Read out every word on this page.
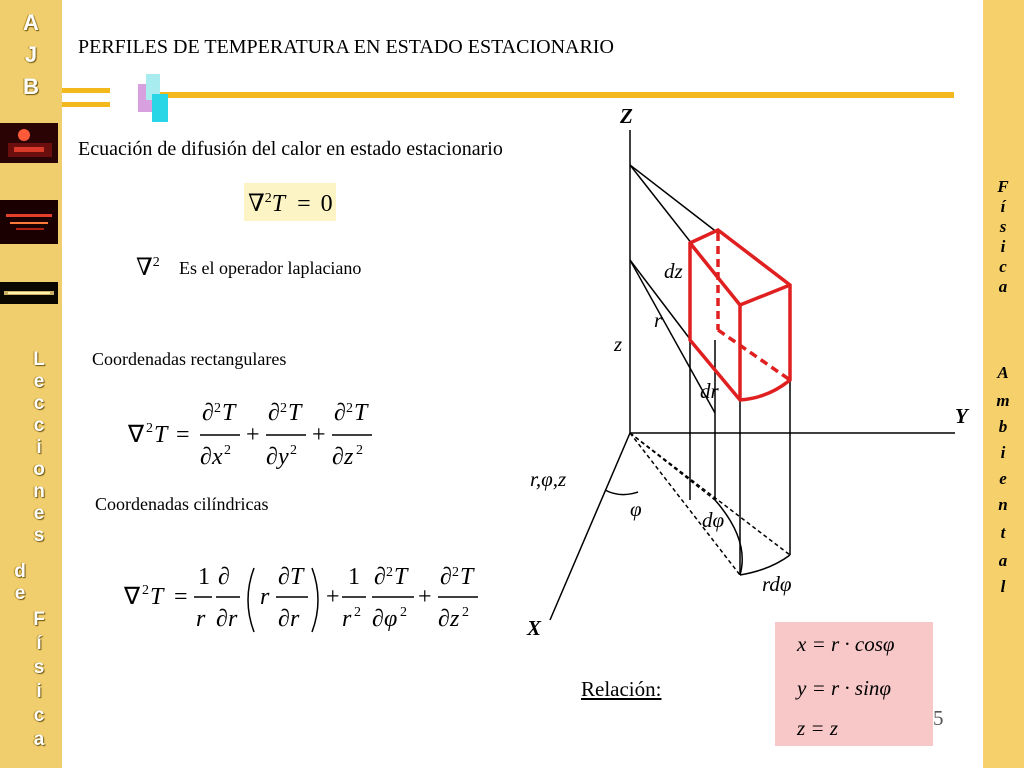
A
J
B
L
e
c
c
i
o
n
e
s
d
e
F
í
s
i
c
a
F
í
s
i
c
a
A
m
b
i
e
n
t
a
l
PERFILES DE TEMPERATURA EN ESTADO ESTACIONARIO
Ecuación de difusión del calor en estado estacionario
∇$^2$T = 0
∇$^2$ Es el operador laplaciano
Coordenadas rectangulares
Coordenadas cilíndricas
∇ 2 T =
∂ 2 T
∂ x 2
+
∂ 2 T
∂ y 2
+
∂ 2 T
∂ z 2
∇ 2 T =
1
r
∂
∂ r
r
∂ T
∂ r
+
1
r 2
∂ 2 T
∂ φ 2
+
∂ 2 T
∂ z 2
Z
Y
X
dz
r
z
dr
r,φ,z
φ	dφ
rdφ
Relación:
x = r · cosφ
y = r · sinφ
z = z	5
